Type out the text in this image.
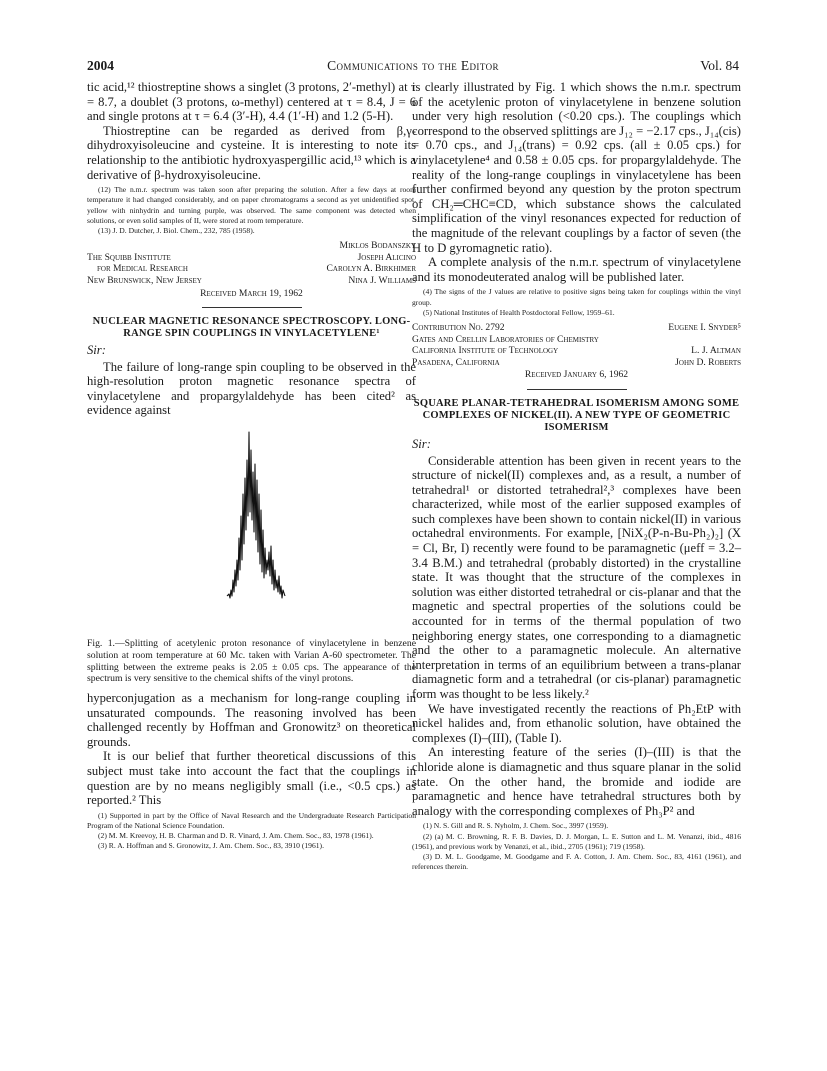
2004	Communications to the Editor	Vol. 84

tic acid,¹² thiostreptine shows a singlet (3 protons, 2′-methyl) at τ = 8.7, a doublet (3 protons, ω-methyl) centered at τ = 8.4, J = 6 and single protons at τ = 6.4 (3′-H), 4.4 (1′-H) and 1.2 (5-H).

Thiostreptine can be regarded as derived from β,γ-dihydroxyisoleucine and cysteine. It is interesting to note its relationship to the antibiotic hydroxyaspergillic acid,¹³ which is a derivative of β-hydroxyisoleucine.

(12) The n.m.r. spectrum was taken soon after preparing the solution. After a few days at room temperature it had changed considerably, and on paper chromatograms a second as yet unidentified spot, yellow with ninhydrin and turning purple, was observed. The same component was detected when solutions, or even solid samples of II, were stored at room temperature.

(13) J. D. Dutcher, J. Biol. Chem., 232, 785 (1958).

Miklos Bodanszky
The Squibb Institute	Joseph Alicino
for Medical Research	Carolyn A. Birkhimer
New Brunswick, New Jersey	Nina J. Williams
Received March 19, 1962
NUCLEAR MAGNETIC RESONANCE SPECTROSCOPY. LONG-RANGE SPIN COUPLINGS IN VINYLACETYLENE¹
Sir:

The failure of long-range spin coupling to be observed in the high-resolution proton magnetic resonance spectra of vinylacetylene and propargylaldehyde has been cited² as evidence against

Fig. 1.—Splitting of acetylenic proton resonance of vinylacetylene in benzene solution at room temperature at 60 Mc. taken with Varian A-60 spectrometer. The splitting between the extreme peaks is 2.05 ± 0.05 cps. The appearance of the spectrum is very sensitive to the chemical shifts of the vinyl protons.

hyperconjugation as a mechanism for long-range coupling in unsaturated compounds. The reasoning involved has been challenged recently by Hoffman and Gronowitz³ on theoretical grounds.

It is our belief that further theoretical discussions of this subject must take into account the fact that the couplings in question are by no means negligibly small (i.e., <0.5 cps.) as reported.² This

(1) Supported in part by the Office of Naval Research and the Undergraduate Research Participation Program of the National Science Foundation.

(2) M. M. Kreevoy, H. B. Charman and D. R. Vinard, J. Am. Chem. Soc., 83, 1978 (1961).

(3) R. A. Hoffman and S. Gronowitz, J. Am. Chem. Soc., 83, 3910 (1961).

is clearly illustrated by Fig. 1 which shows the n.m.r. spectrum of the acetylenic proton of vinylacetylene in benzene solution under very high resolution (<0.20 cps.). The couplings which correspond to the observed splittings are J₁₂ = −2.17 cps., J₁₄(cis) = 0.70 cps., and J₁₄(trans) = 0.92 cps. (all ± 0.05 cps.) for vinylacetylene⁴ and 0.58 ± 0.05 cps. for propargylaldehyde. The reality of the long-range couplings in vinylacetylene has been further confirmed beyond any question by the proton spectrum of CH₂═CHC≡CD, which substance shows the calculated simplification of the vinyl resonances expected for reduction of the magnitude of the relevant couplings by a factor of seven (the H to D gyromagnetic ratio).

A complete analysis of the n.m.r. spectrum of vinylacetylene and its monodeuterated analog will be published later.

(4) The signs of the J values are relative to positive signs being taken for couplings within the vinyl group.

(5) National Institutes of Health Postdoctoral Fellow, 1959–61.

Contribution No. 2792	Eugene I. Snyder⁵
Gates and Crellin Laboratories of Chemistry
California Institute of Technology	L. J. Altman
Pasadena, California	John D. Roberts
Received January 6, 1962
SQUARE PLANAR-TETRAHEDRAL ISOMERISM AMONG SOME COMPLEXES OF NICKEL(II). A NEW TYPE OF GEOMETRIC ISOMERISM
Sir:

Considerable attention has been given in recent years to the structure of nickel(II) complexes and, as a result, a number of tetrahedral¹ or distorted tetrahedral²,³ complexes have been characterized, while most of the earlier supposed examples of such complexes have been shown to contain nickel(II) in various octahedral environments. For example, [NiX₂(P-n-Bu-Ph₂)₂] (X = Cl, Br, I) recently were found to be paramagnetic (μeff = 3.2–3.4 B.M.) and tetrahedral (probably distorted) in the crystalline state. It was thought that the structure of the complexes in solution was either distorted tetrahedral or cis-planar and that the magnetic and spectral properties of the solutions could be accounted for in terms of the thermal population of two neighboring energy states, one corresponding to a diamagnetic and the other to a paramagnetic molecule. An alternative interpretation in terms of an equilibrium between a trans-planar diamagnetic form and a tetrahedral (or cis-planar) paramagnetic form was thought to be less likely.²

We have investigated recently the reactions of Ph₂EtP with nickel halides and, from ethanolic solution, have obtained the complexes (I)–(III), (Table I).

An interesting feature of the series (I)–(III) is that the chloride alone is diamagnetic and thus square planar in the solid state. On the other hand, the bromide and iodide are paramagnetic and hence have tetrahedral structures both by analogy with the corresponding complexes of Ph₃P² and

(1) N. S. Gill and R. S. Nyholm, J. Chem. Soc., 3997 (1959).

(2) (a) M. C. Browning, R. F. B. Davies, D. J. Morgan, L. E. Sutton and L. M. Venanzi, ibid., 4816 (1961), and previous work by Venanzi, et al., ibid., 2705 (1961); 719 (1958).

(3) D. M. L. Goodgame, M. Goodgame and F. A. Cotton, J. Am. Chem. Soc., 83, 4161 (1961), and references therein.
